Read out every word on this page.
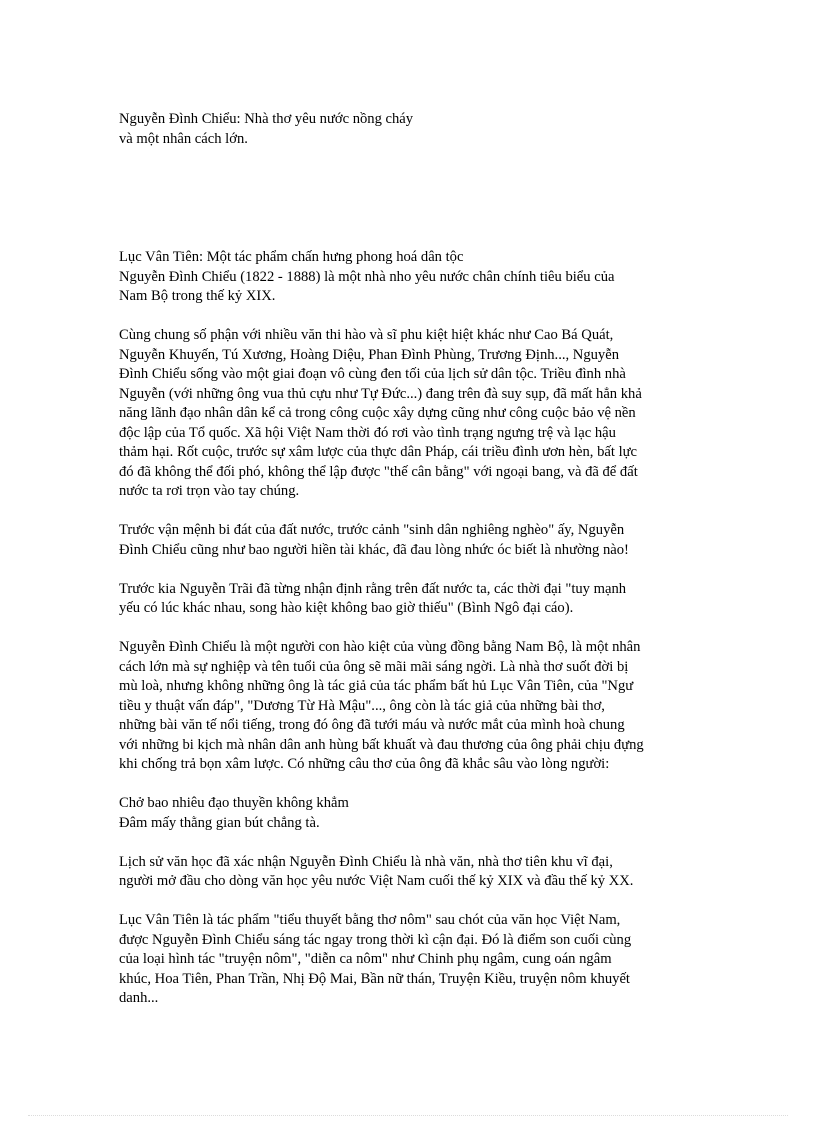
Nguyễn Đình Chiểu: Nhà thơ yêu nước nồng cháy
và một nhân cách lớn.
Lục Vân Tiên: Một tác phẩm chấn hưng phong hoá dân tộc
Nguyễn Đình Chiểu (1822 - 1888) là một nhà nho yêu nước chân chính tiêu biểu của
Nam Bộ trong thế kỷ XIX.
Cùng chung số phận với nhiều văn thi hào và sĩ phu kiệt hiệt khác như Cao Bá Quát,
Nguyễn Khuyến, Tú Xương, Hoàng Diệu, Phan Đình Phùng, Trương Định..., Nguyễn
Đình Chiểu sống vào một giai đoạn vô cùng đen tối của lịch sử dân tộc. Triều đình nhà
Nguyễn (với những ông vua thủ cựu như Tự Đức...) đang trên đà suy sụp, đã mất hẳn khả
năng lãnh đạo nhân dân kể cả trong công cuộc xây dựng cũng như công cuộc bảo vệ nền
độc lập của Tổ quốc. Xã hội Việt Nam thời đó rơi vào tình trạng ngưng trệ và lạc hậu
thảm hại. Rốt cuộc, trước sự xâm lược của thực dân Pháp, cái triều đình ươn hèn, bất lực
đó đã không thể đối phó, không thể lập được "thế cân bằng" với ngoại bang, và đã để đất
nước ta rơi trọn vào tay chúng.
Trước vận mệnh bi đát của đất nước, trước cảnh "sinh dân nghiêng nghèo" ấy, Nguyễn
Đình Chiểu cũng như bao người hiền tài khác, đã đau lòng nhức óc biết là nhường nào!
Trước kia Nguyễn Trãi đã từng nhận định rằng trên đất nước ta, các thời đại "tuy mạnh
yếu có lúc khác nhau, song hào kiệt không bao giờ thiếu" (Bình Ngô đại cáo).
Nguyễn Đình Chiểu là một người con hào kiệt của vùng đồng bằng Nam Bộ, là một nhân
cách lớn mà sự nghiệp và tên tuổi của ông sẽ mãi mãi sáng ngời. Là nhà thơ suốt đời bị
mù loà, nhưng không những ông là tác giả của tác phẩm bất hủ Lục Vân Tiên, của "Ngư
tiều y thuật vấn đáp", "Dương Từ Hà Mậu"..., ông còn là tác giả của những bài thơ,
những bài văn tế nổi tiếng, trong đó ông đã tưới máu và nước mắt của mình hoà chung
với những bi kịch mà nhân dân anh hùng bất khuất và đau thương của ông phải chịu đựng
khi chống trả bọn xâm lược. Có những câu thơ của ông đã khắc sâu vào lòng người:
Chở bao nhiêu đạo thuyền không khẳm
Đâm mấy thằng gian bút chẳng tà.
Lịch sử văn học đã xác nhận Nguyễn Đình Chiểu là nhà văn, nhà thơ tiên khu vĩ đại,
người mở đầu cho dòng văn học yêu nước Việt Nam cuối thế kỷ XIX và đầu thế kỷ XX.
Lục Vân Tiên là tác phẩm "tiểu thuyết bằng thơ nôm" sau chót của văn học Việt Nam,
được Nguyễn Đình Chiểu sáng tác ngay trong thời kì cận đại. Đó là điểm son cuối cùng
của loại hình tác "truyện nôm", "diễn ca nôm" như Chinh phụ ngâm, cung oán ngâm
khúc, Hoa Tiên, Phan Trần, Nhị Độ Mai, Bần nữ thán, Truyện Kiều, truyện nôm khuyết
danh...
